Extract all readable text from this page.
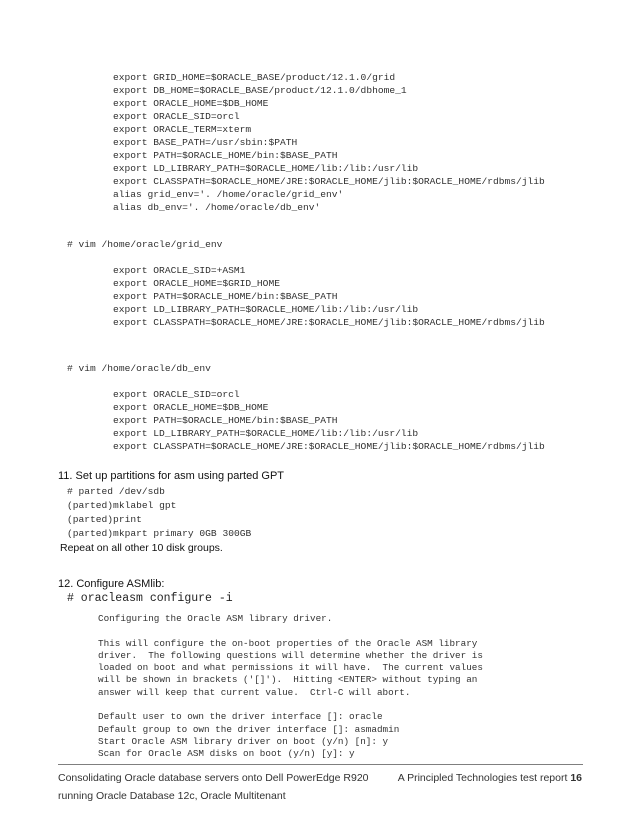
export GRID_HOME=$ORACLE_BASE/product/12.1.0/grid
export DB_HOME=$ORACLE_BASE/product/12.1.0/dbhome_1
export ORACLE_HOME=$DB_HOME
export ORACLE_SID=orcl
export ORACLE_TERM=xterm
export BASE_PATH=/usr/sbin:$PATH
export PATH=$ORACLE_HOME/bin:$BASE_PATH
export LD_LIBRARY_PATH=$ORACLE_HOME/lib:/lib:/usr/lib
export CLASSPATH=$ORACLE_HOME/JRE:$ORACLE_HOME/jlib:$ORACLE_HOME/rdbms/jlib
alias grid_env='. /home/oracle/grid_env'
alias db_env='. /home/oracle/db_env'

# vim /home/oracle/grid_env

export ORACLE_SID=+ASM1
export ORACLE_HOME=$GRID_HOME
export PATH=$ORACLE_HOME/bin:$BASE_PATH
export LD_LIBRARY_PATH=$ORACLE_HOME/lib:/lib:/usr/lib
export CLASSPATH=$ORACLE_HOME/JRE:$ORACLE_HOME/jlib:$ORACLE_HOME/rdbms/jlib

# vim /home/oracle/db_env

export ORACLE_SID=orcl
export ORACLE_HOME=$DB_HOME
export PATH=$ORACLE_HOME/bin:$BASE_PATH
export LD_LIBRARY_PATH=$ORACLE_HOME/lib:/lib:/usr/lib
export CLASSPATH=$ORACLE_HOME/JRE:$ORACLE_HOME/jlib:$ORACLE_HOME/rdbms/jlib

11. Set up partitions for asm using parted GPT

# parted /dev/sdb
(parted)mklabel gpt
(parted)print
(parted)mkpart primary 0GB 300GB

Repeat on all other 10 disk groups.

12. Configure ASMlib:

# oracleasm configure -i

Configuring the Oracle ASM library driver.
This will configure the on-boot properties of the Oracle ASM library
driver.  The following questions will determine whether the driver is
loaded on boot and what permissions it will have.  The current values
will be shown in brackets ('[]').  Hitting <ENTER> without typing an
answer will keep that current value.  Ctrl-C will abort.
Default user to own the driver interface []: oracle
Default group to own the driver interface []: asmadmin
Start Oracle ASM library driver on boot (y/n) [n]: y
Scan for Oracle ASM disks on boot (y/n) [y]: y

Consolidating Oracle database servers onto Dell PowerEdge R920

running Oracle Database 12c, Oracle Multitenant

A Principled Technologies test report 16
